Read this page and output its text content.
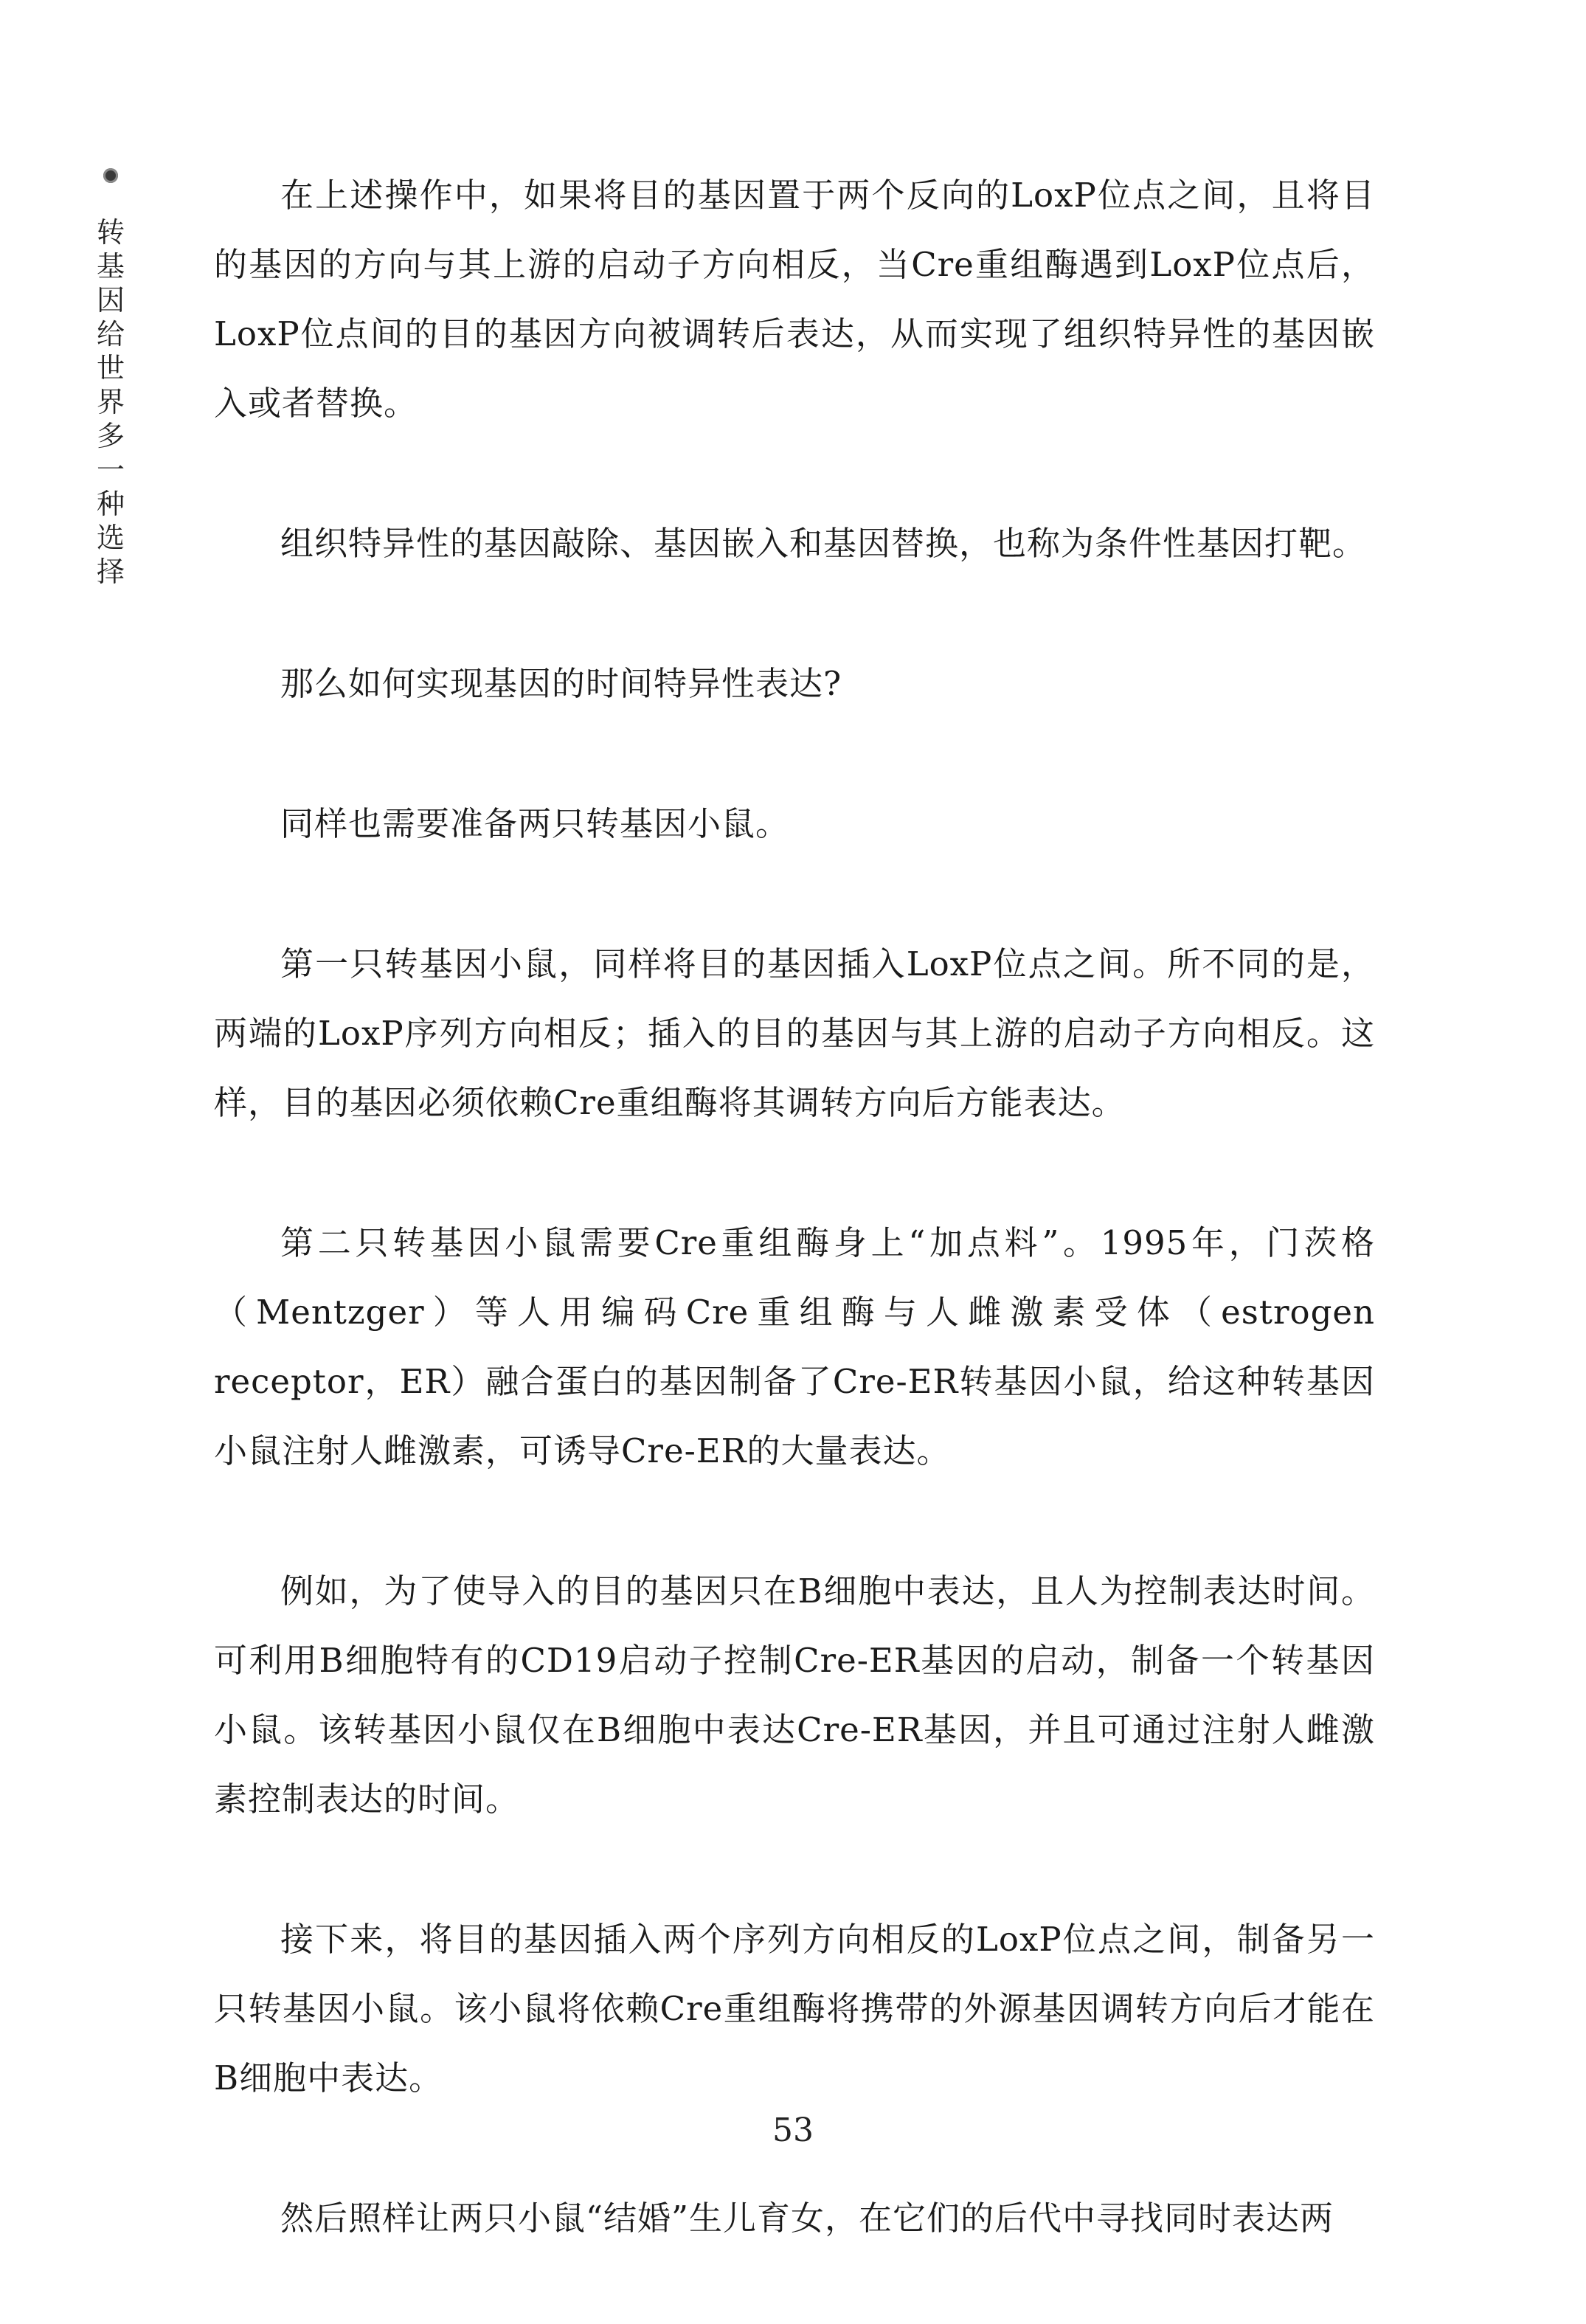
转基因给世界多一种选择

在上述操作中，如果将目的基因置于两个反向的LoxP位点之间，且将目的基因的方向与其上游的启动子方向相反，当Cre重组酶遇到LoxP位点后，LoxP位点间的目的基因方向被调转后表达，从而实现了组织特异性的基因嵌入或者替换。

组织特异性的基因敲除、基因嵌入和基因替换，也称为条件性基因打靶。

那么如何实现基因的时间特异性表达?

同样也需要准备两只转基因小鼠。

第一只转基因小鼠，同样将目的基因插入LoxP位点之间。所不同的是，两端的LoxP序列方向相反；插入的目的基因与其上游的启动子方向相反。这样，目的基因必须依赖Cre重组酶将其调转方向后方能表达。

第二只转基因小鼠需要Cre重组酶身上“加点料”。1995年，门茨格（Mentzger）等人用编码Cre重组酶与人雌激素受体（estrogen receptor，ER）融合蛋白的基因制备了Cre-ER转基因小鼠，给这种转基因小鼠注射人雌激素，可诱导Cre-ER的大量表达。

例如，为了使导入的目的基因只在B细胞中表达，且人为控制表达时间。可利用B细胞特有的CD19启动子控制Cre-ER基因的启动，制备一个转基因小鼠。该转基因小鼠仅在B细胞中表达Cre-ER基因，并且可通过注射人雌激素控制表达的时间。

接下来，将目的基因插入两个序列方向相反的LoxP位点之间，制备另一只转基因小鼠。该小鼠将依赖Cre重组酶将携带的外源基因调转方向后才能在B细胞中表达。

然后照样让两只小鼠“结婚”生儿育女，在它们的后代中寻找同时表达两

53
